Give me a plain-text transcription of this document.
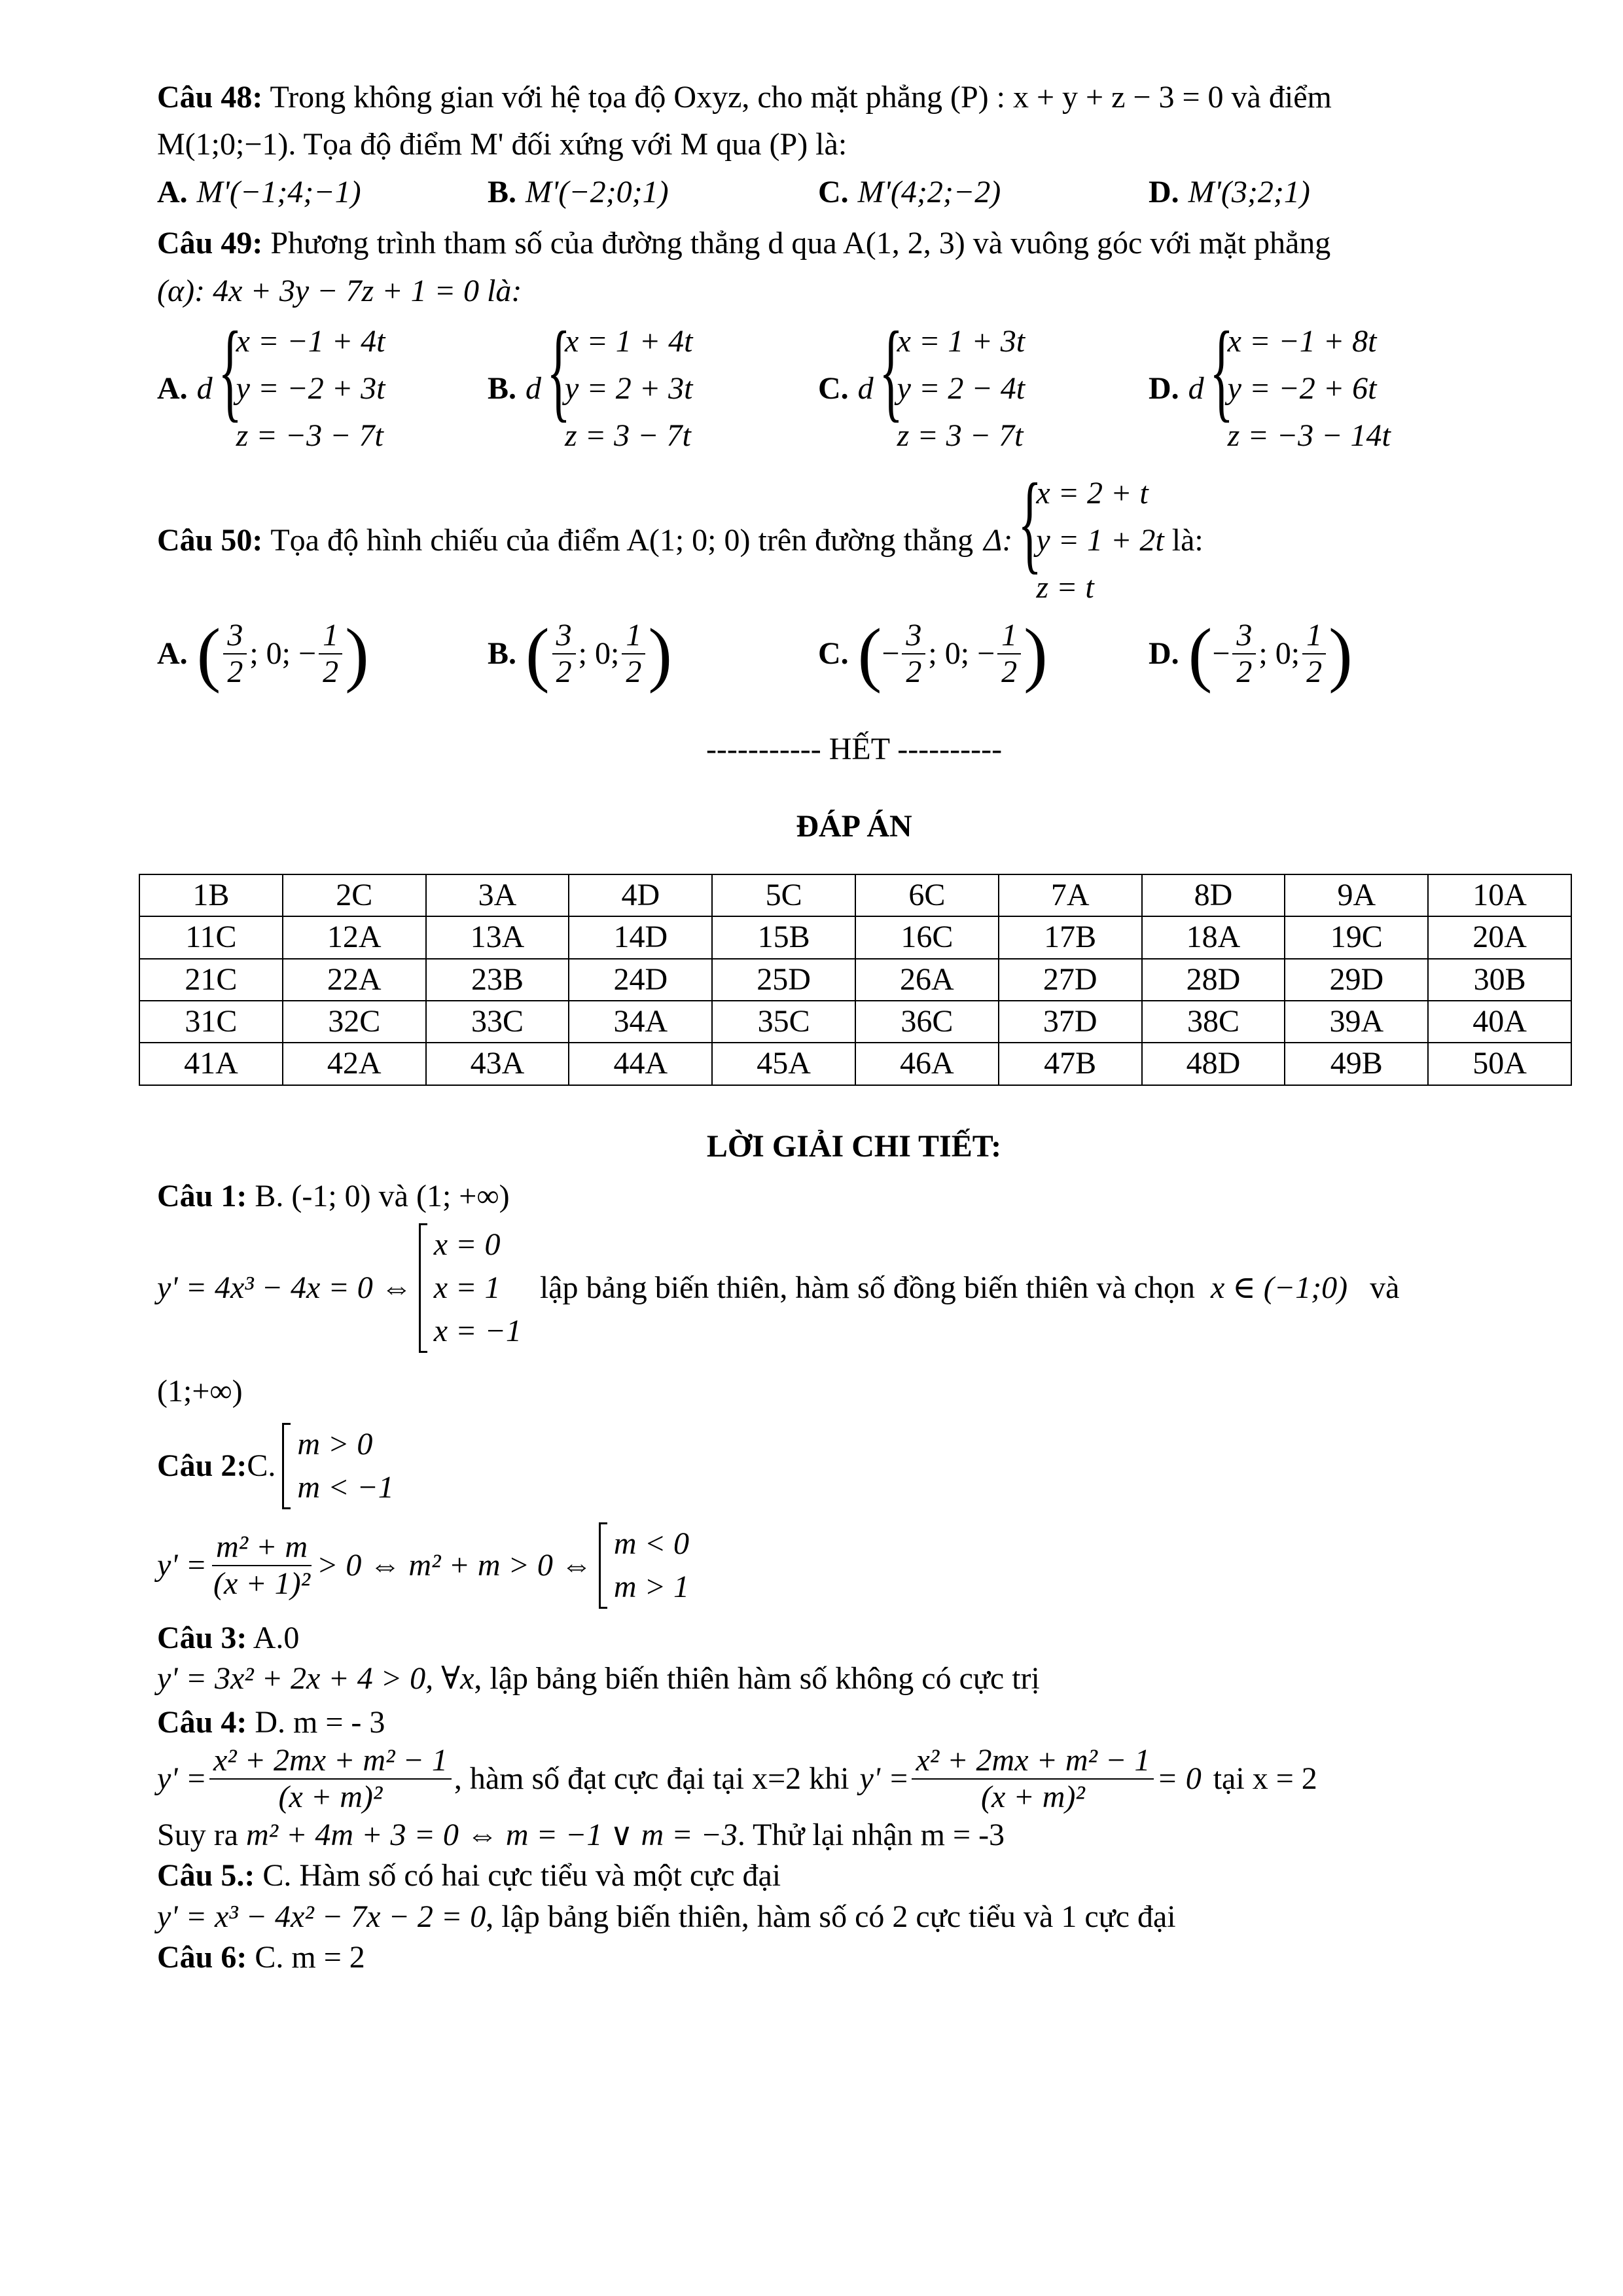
Câu 48: Trong không gian với hệ tọa độ Oxyz, cho mặt phẳng (P) : x + y + z − 3 = 0 và điểm
M(1;0;−1). Tọa độ điểm M' đối xứng với M qua (P) là:
A. M'(−1;4;−1)	B. M'(−2;0;1)	C. M'(4;2;−2)	D. M'(3;2;1)
Câu 49: Phương trình tham số của đường thẳng d qua A(1, 2, 3) và vuông góc với mặt phẳng
(α): 4x + 3y − 7z + 1 = 0 là:
A. d {
x = −1 + 4t
y = −2 + 3t
z = −3 − 7t
B. d {
x = 1 + 4t
y = 2 + 3t
z = 3 − 7t
C. d {
x = 1 + 3t
y = 2 − 4t
z = 3 − 7t
D. d {
x = −1 + 8t
y = −2 + 6t
z = −3 − 14t
Câu 50: Tọa độ hình chiếu của điểm A(1; 0; 0) trên đường thẳng Δ: {
x = 2 + t
y = 1 + 2t
z = t
là:
A. ( $\frac{3}{2}$ ; 0; − $\frac{1}{2}$ )	B. ( $\frac{3}{2}$ ; 0; $\frac{1}{2}$ )	C. ( − $\frac{3}{2}$ ; 0; − $\frac{1}{2}$ )	D. ( − $\frac{3}{2}$ ; 0; $\frac{1}{2}$ )
----------- HẾT ----------
ĐÁP ÁN
1B	2C	3A	4D	5C	6C	7A	8D	9A	10A
11C	12A	13A	14D	15B	16C	17B	18A	19C	20A
21C	22A	23B	24D	25D	26A	27D	28D	29D	30B
31C	32C	33C	34A	35C	36C	37D	38C	39A	40A
41A	42A	43A	44A	45A	46A	47B	48D	49B	50A
LỜI GIẢI CHI TIẾT:
Câu 1: B. (-1; 0) và (1; +∞)
y' = 4x³ − 4x = 0 ⇔
x = 0
x = 1
x = −1
lập bảng biến thiên, hàm số đồng biến thiên và chọn x ∈ (−1;0) và
(1;+∞)
Câu 2: C.
m > 0
m < −1
$y' = \frac{\text{m² + m}}{\text{(x + 1)²}} > 0$ ⇔ m² + m > 0 ⇔
m < 0
m > 1
Câu 3: A.0
y' = 3x² + 2x + 4 > 0, ∀x, lập bảng biến thiên hàm số không có cực trị
Câu 4: D. m = - 3
$y' = \frac{\text{x² + 2mx + m² − 1}}{\text{(x + m)²}}$ , hàm số đạt cực đại tại x=2 khi $y' = \frac{\text{x² + 2mx + m² − 1}}{\text{(x + m)²}} = 0$ tại x = 2
Suy ra m² + 4m + 3 = 0 ⇔ m = −1 ∨ m = −3. Thử lại nhận m = -3
Câu 5.: C. Hàm số có hai cực tiểu và một cực đại
y' = x³ − 4x² − 7x − 2 = 0, lập bảng biến thiên, hàm số có 2 cực tiểu và 1 cực đại
Câu 6: C. m = 2
